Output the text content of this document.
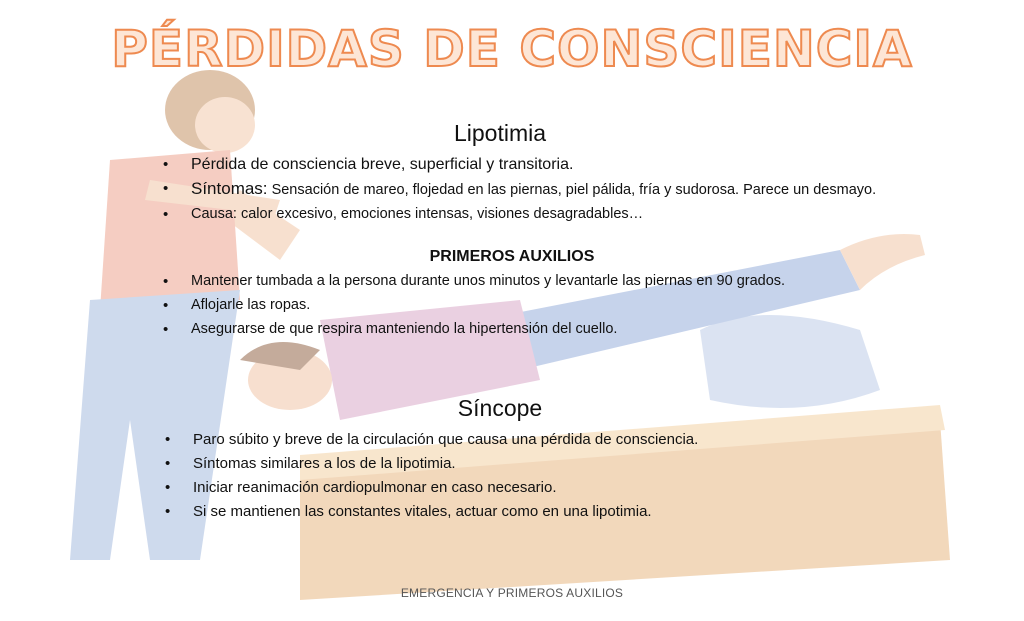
PÉRDIDAS DE CONSCIENCIA
Lipotimia
• Pérdida de consciencia breve, superficial y transitoria.
• Síntomas: Sensación de mareo, flojedad en las piernas, piel pálida, fría y sudorosa. Parece un desmayo.
• Causa: calor excesivo, emociones intensas, visiones desagradables…
PRIMEROS AUXILIOS
• Mantener tumbada a la persona durante unos minutos y levantarle las piernas en 90 grados.
• Aflojarle las ropas.
• Asegurarse de que respira manteniendo la hipertensión del cuello.
Síncope
• Paro súbito y breve de la circulación que causa una pérdida de consciencia.
• Síntomas similares a los de la lipotimia.
• Iniciar reanimación cardiopulmonar en caso necesario.
• Si se mantienen las constantes vitales, actuar como en una lipotimia.
EMERGENCIA Y PRIMEROS AUXILIOS
